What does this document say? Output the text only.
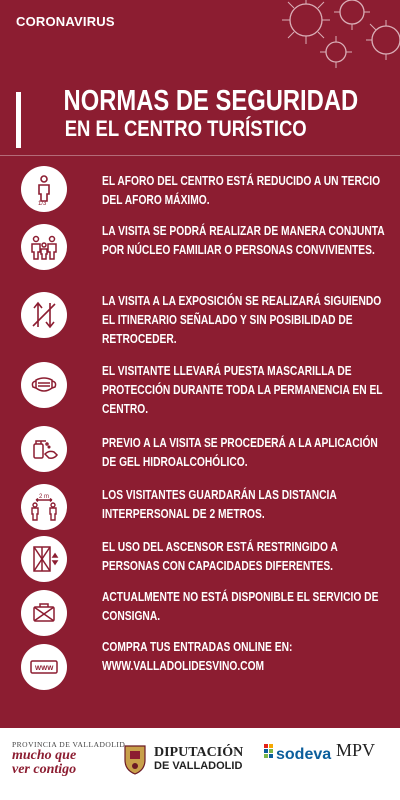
CORONAVIRUS
NORMAS DE SEGURIDAD
EN EL CENTRO TURÍSTICO
1/3
EL AFORO DEL CENTRO ESTÁ REDUCIDO A UN TERCIO DEL AFORO MÁXIMO.
LA VISITA SE PODRÁ REALIZAR DE MANERA CONJUNTA POR NÚCLEO FAMILIAR O PERSONAS CONVIVIENTES.
LA VISITA A LA EXPOSICIÓN SE REALIZARÁ SIGUIENDO EL ITINERARIO SEÑALADO Y SIN POSIBILIDAD DE RETROCEDER.
EL VISITANTE LLEVARÁ PUESTA MASCARILLA DE PROTECCIÓN DURANTE TODA LA PERMANENCIA EN EL CENTRO.
PREVIO A LA VISITA SE PROCEDERÁ A LA APLICACIÓN DE GEL HIDROALCOHÓLICO.
2 m	LOS VISITANTES GUARDARÁN LAS DISTANCIA INTERPERSONAL DE 2 METROS.
EL USO DEL ASCENSOR ESTÁ RESTRINGIDO A PERSONAS CON CAPACIDADES DIFERENTES.
ACTUALMENTE NO ESTÁ DISPONIBLE EL SERVICIO DE CONSIGNA.
WWW
COMPRA TUS ENTRADAS ONLINE EN: WWW.VALLADOLIDESVINO.COM
PROVINCIA DE VALLADOLID
mucho que
ver contigo
DIPUTACIÓN
DE VALLADOLID
sodeva MPV
